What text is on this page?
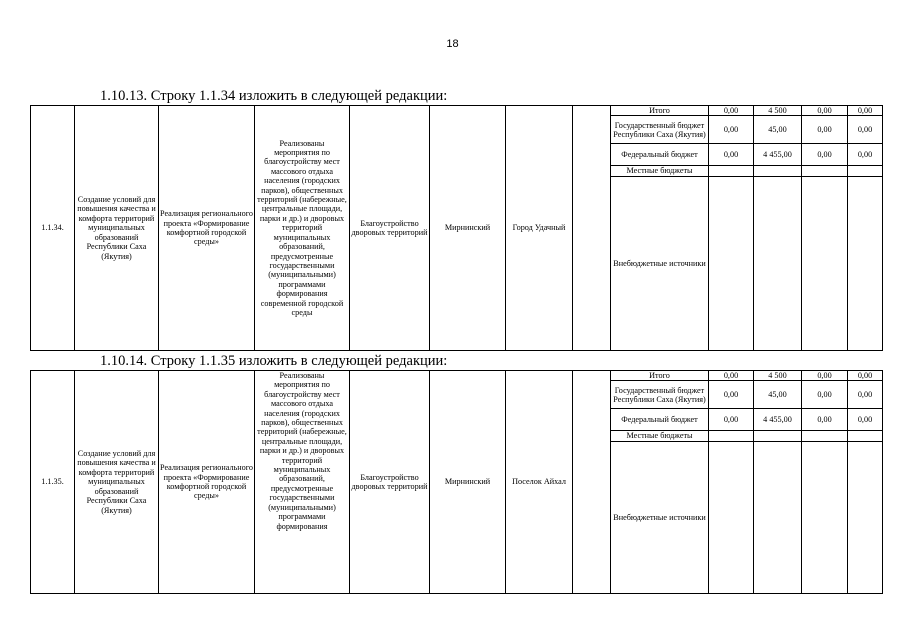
18
1.10.13. Строку 1.1.34 изложить в следующей редакции:
1.1.34.	Создание условий для повышения качества и комфорта территорий муниципальных образований Республики Саха (Якутия)	Реализация регионального проекта «Формирование комфортной городской среды»	Реализованы мероприятия по благоустройству мест массового отдыха населения (городских парков), общественных территорий (набережные, центральные площади, парки и др.) и дворовых территорий муниципальных образований, предусмотренные государственными (муниципальными) программами формирования современной городской среды	Благоустройство дворовых территорий	Мирнинский	Город Удачный		Итого	0,00	4 500	0,00	0,00
								Государственный бюджет Республики Саха (Якутия)	0,00	45,00	0,00	0,00
								Федеральный бюджет	0,00	4 455,00	0,00	0,00
								Местные бюджеты				
								Внебюджетные источники				
1.10.14. Строку 1.1.35 изложить в следующей редакции:
1.1.35.	Создание условий для повышения качества и комфорта территорий муниципальных образований Республики Саха (Якутия)	Реализация регионального проекта «Формирование комфортной городской среды»	Реализованы мероприятия по благоустройству мест массового отдыха населения (городских парков), общественных территорий (набережные, центральные площади, парки и др.) и дворовых территорий муниципальных образований, предусмотренные государственными (муниципальными) программами формирования	Благоустройство дворовых территорий	Мирнинский	Поселок Айхал		Итого	0,00	4 500	0,00	0,00
								Государственный бюджет Республики Саха (Якутия)	0,00	45,00	0,00	0,00
								Федеральный бюджет	0,00	4 455,00	0,00	0,00
								Местные бюджеты				
								Внебюджетные источники				
